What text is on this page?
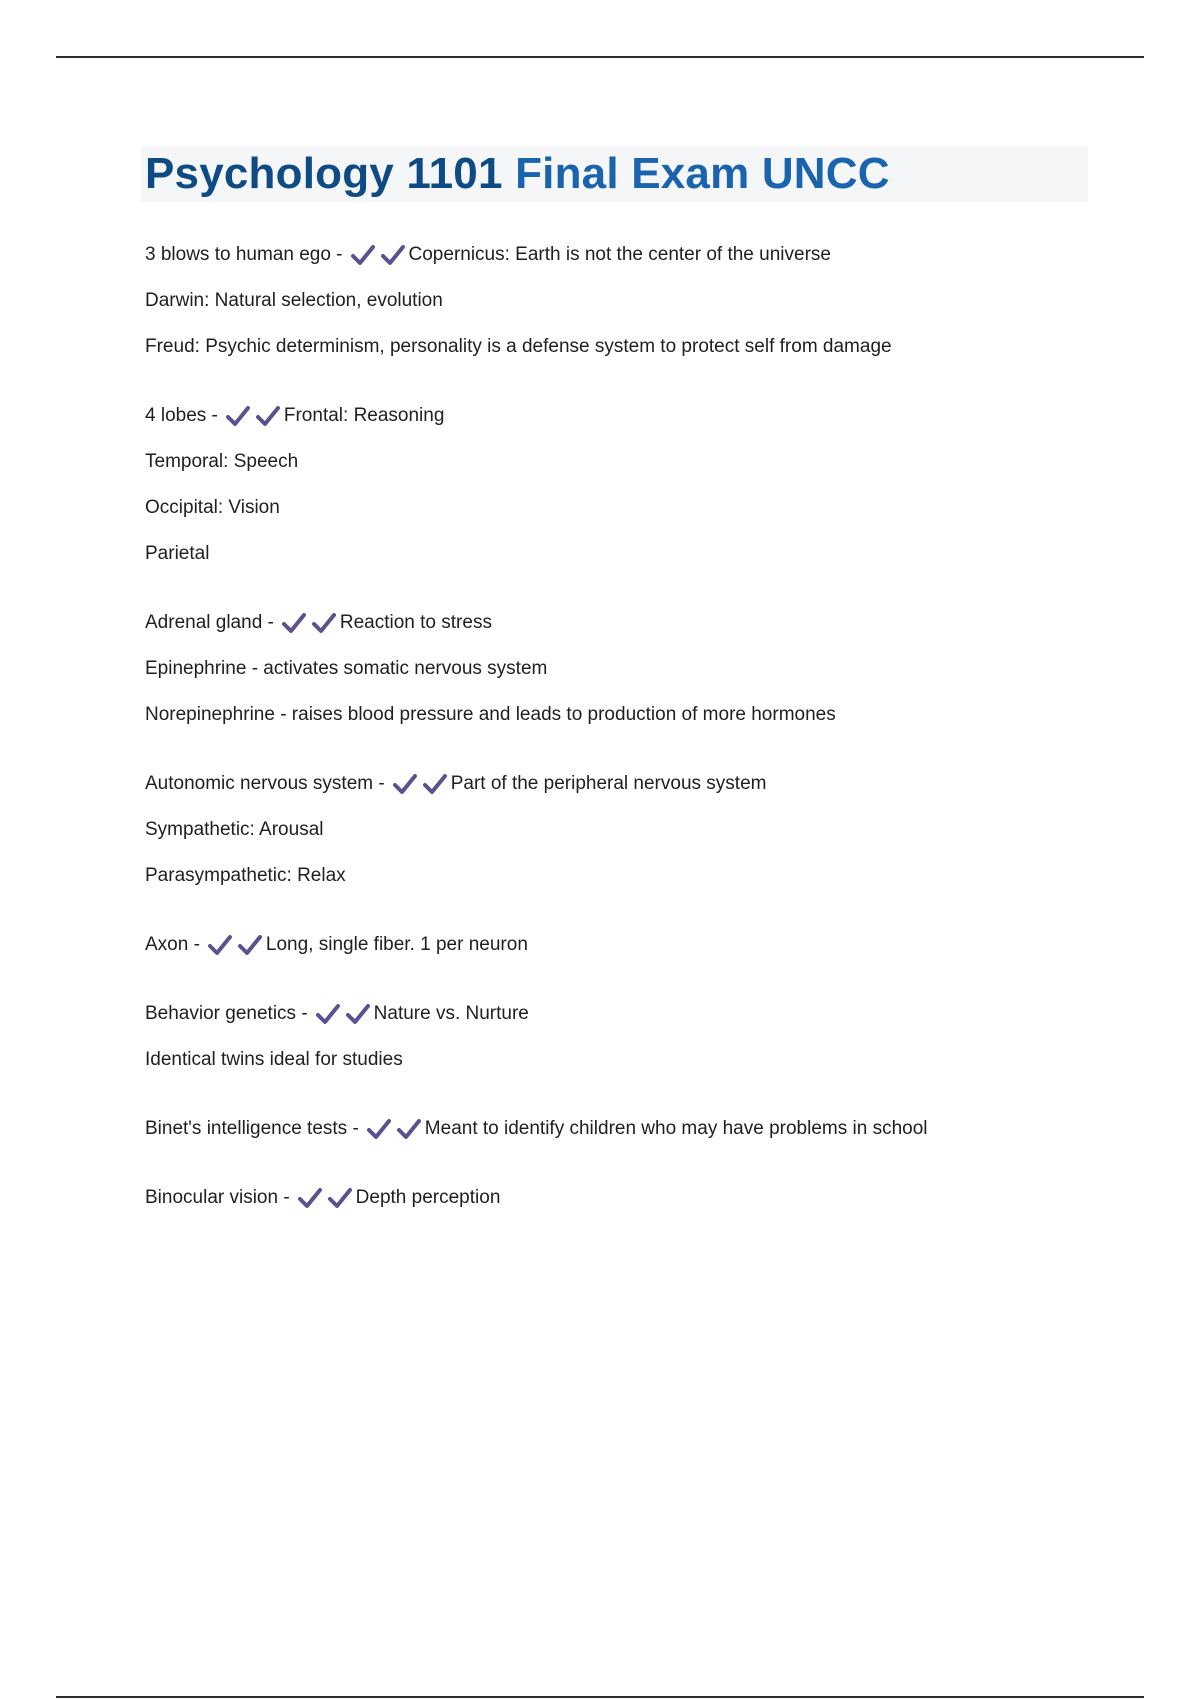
Psychology 1101 Final Exam UNCC
3 blows to human ego -	Copernicus: Earth is not the center of the universe
Darwin: Natural selection, evolution
Freud: Psychic determinism, personality is a defense system to protect self from damage
4 lobes -	Frontal: Reasoning
Temporal: Speech
Occipital: Vision
Parietal
Adrenal gland -	Reaction to stress
Epinephrine - activates somatic nervous system
Norepinephrine - raises blood pressure and leads to production of more hormones
Autonomic nervous system -	Part of the peripheral nervous system
Sympathetic: Arousal
Parasympathetic: Relax
Axon -	Long, single fiber. 1 per neuron
Behavior genetics -	Nature vs. Nurture
Identical twins ideal for studies
Binet's intelligence tests -	Meant to identify children who may have problems in school
Binocular vision -	Depth perception
